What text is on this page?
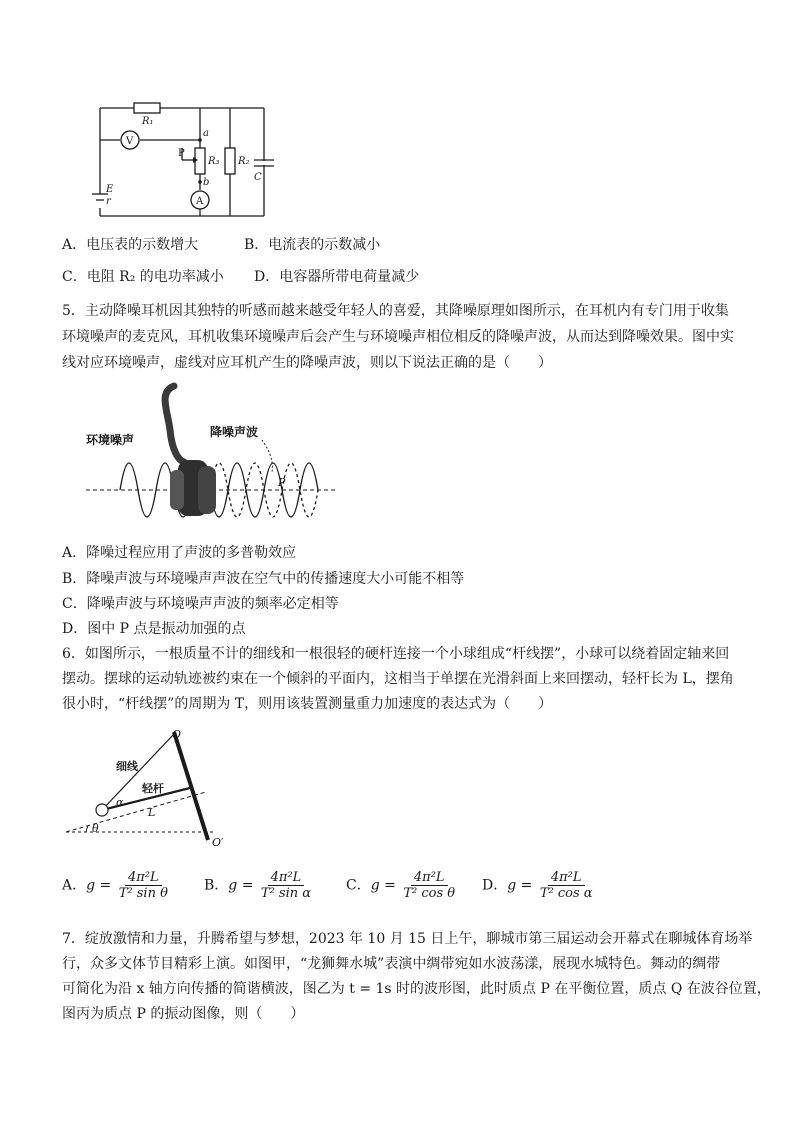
R₁
V
a
P
R₃
b
A
R₂
C
E
r
A．电压表的示数增大	B．电流表的示数减小
C．电阻 R₂ 的电功率减小 D．电容器所带电荷量减少
5．主动降噪耳机因其独特的听感而越来越受年轻人的喜爱，其降噪原理如图所示，在耳机内有专门用于收集
环境噪声的麦克风，耳机收集环境噪声后会产生与环境噪声相位相反的降噪声波，从而达到降噪效果。图中实
线对应环境噪声，虚线对应耳机产生的降噪声波，则以下说法正确的是（　　）
降噪声波
环境噪声
P
A．降噪过程应用了声波的多普勒效应
B．降噪声波与环境噪声声波在空气中的传播速度大小可能不相等
C．降噪声波与环境噪声声波的频率必定相等
D．图中 P 点是振动加强的点
6．如图所示，一根质量不计的细线和一根很轻的硬杆连接一个小球组成“杆线摆”，小球可以绕着固定轴来回
摆动。摆球的运动轨迹被约束在一个倾斜的平面内，这相当于单摆在光滑斜面上来回摆动，轻杆长为 L，摆角
很小时，“杆线摆”的周期为 T，则用该装置测量重力加速度的表达式为（　　）
细线
轻杆
O
O′
L
α
θ
A．$g = \frac{\text{4π²L}}{\text{T² sin θ}}$ B．$g = \frac{\text{4π²L}}{\text{T² sin α}}$ C．$g = \frac{\text{4π²L}}{\text{T² cos θ}}$ D．$g = \frac{\text{4π²L}}{\text{T² cos α}}$
7．绽放激情和力量，升腾希望与梦想，2023 年 10 月 15 日上午，聊城市第三届运动会开幕式在聊城体育场举
行，众多文体节目精彩上演。如图甲，“龙狮舞水城”表演中绸带宛如水波荡漾，展现水城特色。舞动的绸带
可简化为沿 x 轴方向传播的简谐横波，图乙为 t = 1s 时的波形图，此时质点 P 在平衡位置，质点 Q 在波谷位置，
图丙为质点 P 的振动图像，则（　　）
